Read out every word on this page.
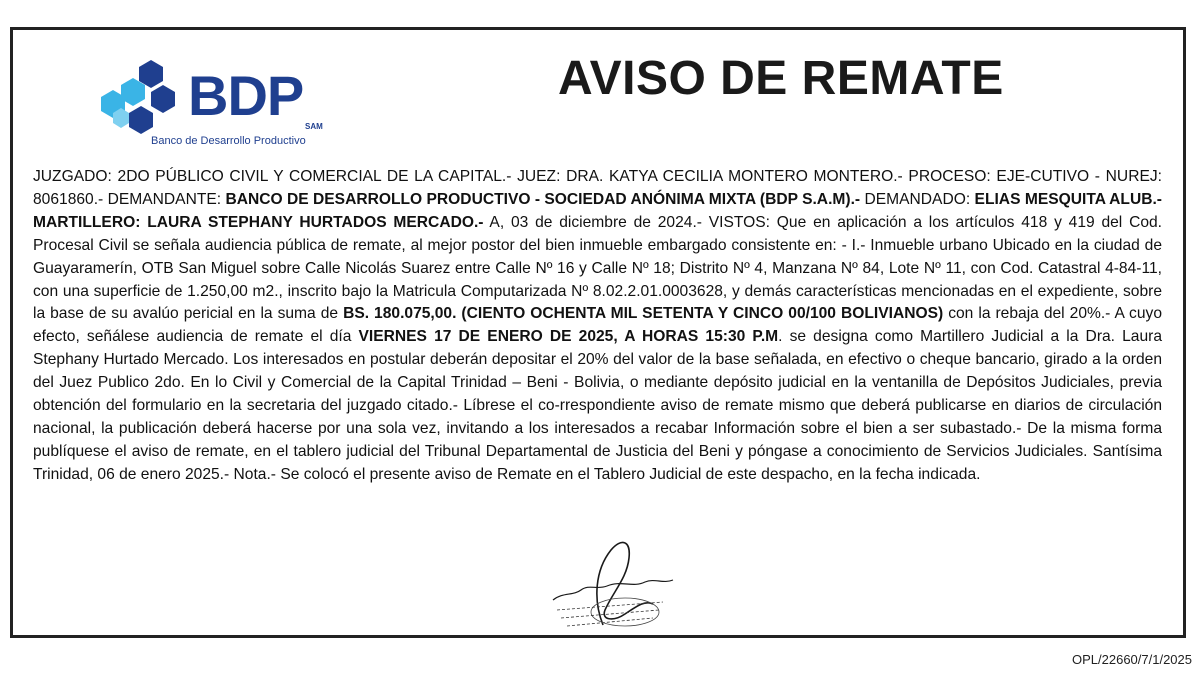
BDP SAM
Banco de Desarrollo Productivo
AVISO DE REMATE
JUZGADO: 2DO PÚBLICO CIVIL Y COMERCIAL DE LA CAPITAL.- JUEZ: DRA. KATYA CECILIA MONTERO MONTERO.- PROCESO: EJE-CUTIVO - NUREJ: 8061860.- DEMANDANTE: BANCO DE DESARROLLO PRODUCTIVO - SOCIEDAD ANÓNIMA MIXTA (BDP S.A.M).- DEMANDADO: ELIAS MESQUITA ALUB.- MARTILLERO: LAURA STEPHANY HURTADOS MERCADO.- A, 03 de diciembre de 2024.- VISTOS: Que en aplicación a los artículos 418 y 419 del Cod. Procesal Civil se señala audiencia pública de remate, al mejor postor del bien inmueble embargado consistente en: - I.- Inmueble urbano Ubicado en la ciudad de Guayaramerín, OTB San Miguel sobre Calle Nicolás Suarez entre Calle Nº 16 y Calle Nº 18; Distrito Nº 4, Manzana Nº 84, Lote Nº 11, con Cod. Catastral 4-84-11, con una superficie de 1.250,00 m2., inscrito bajo la Matricula Computarizada Nº 8.02.2.01.0003628, y demás características mencionadas en el expediente, sobre la base de su avalúo pericial en la suma de BS. 180.075,00. (CIENTO OCHENTA MIL SETENTA Y CINCO 00/100 BOLIVIANOS) con la rebaja del 20%.- A cuyo efecto, señálese audiencia de remate el día VIERNES 17 DE ENERO DE 2025, A HORAS 15:30 P.M. se designa como Martillero Judicial a la Dra. Laura Stephany Hurtado Mercado. Los interesados en postular deberán depositar el 20% del valor de la base señalada, en efectivo o cheque bancario, girado a la orden del Juez Publico 2do. En lo Civil y Comercial de la Capital Trinidad – Beni - Bolivia, o mediante depósito judicial en la ventanilla de Depósitos Judiciales, previa obtención del formulario en la secretaria del juzgado citado.- Líbrese el co-rrespondiente aviso de remate mismo que deberá publicarse en diarios de circulación nacional, la publicación deberá hacerse por una sola vez, invitando a los interesados a recabar Información sobre el bien a ser subastado.- De la misma forma publíquese el aviso de remate, en el tablero judicial del Tribunal Departamental de Justicia del Beni y póngase a conocimiento de Servicios Judiciales. Santísima Trinidad, 06 de enero 2025.- Nota.- Se colocó el presente aviso de Remate en el Tablero Judicial de este despacho, en la fecha indicada.
OPL/22660/7/1/2025
